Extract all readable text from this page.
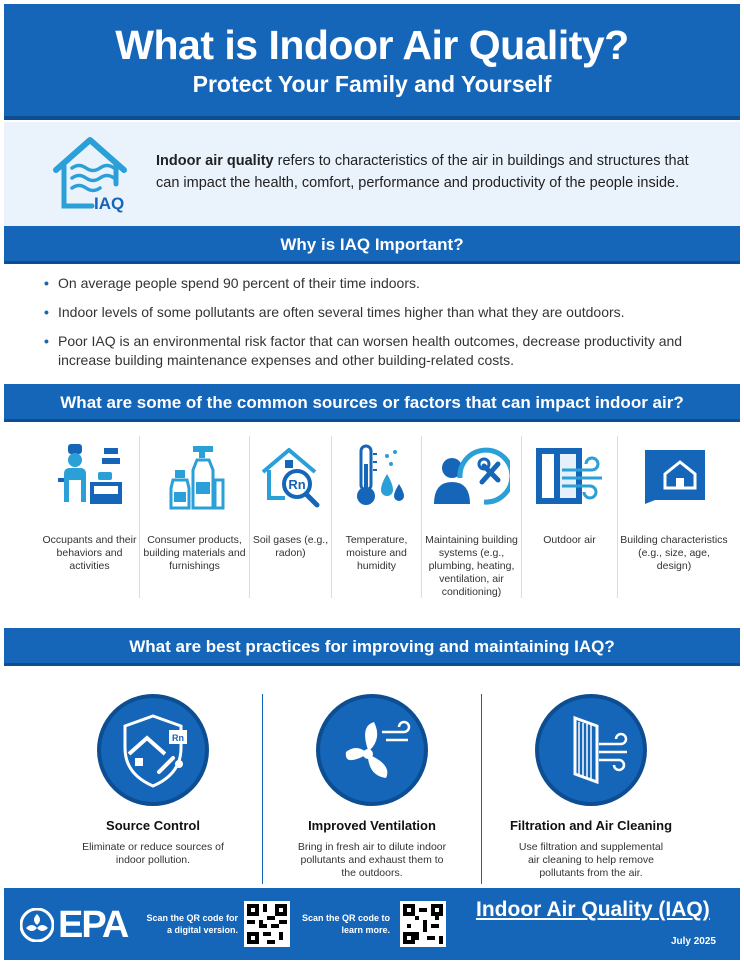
What is Indoor Air Quality?
Protect Your Family and Yourself
IAQ
Indoor air quality refers to characteristics of the air in buildings and structures that can impact the health, comfort, performance and productivity of the people inside.
Why is IAQ Important?
• On average people spend 90 percent of their time indoors.
• Indoor levels of some pollutants are often several times higher than what they are outdoors.
• Poor IAQ is an environmental risk factor that can worsen health outcomes, decrease productivity and increase building maintenance expenses and other building-related costs.
What are some of the common sources or factors that can impact indoor air?
Occupants and their behaviors and activities
Consumer products, building materials and furnishings
Rn
Soil gases (e.g., radon)
Temperature, moisture and humidity
Maintaining building systems (e.g., plumbing, heating, ventilation, air conditioning)
Outdoor air	Building characteristics (e.g., size, age, design)
What are best practices for improving and maintaining IAQ?
Rn
Source Control
Eliminate or reduce sources of indoor pollution.
Improved Ventilation
Bring in fresh air to dilute indoor pollutants and exhaust them to the outdoors.
Filtration and Air Cleaning
Use filtration and supplemental air cleaning to help remove pollutants from the air.
EPA Scan the QR code for a digital version.
Scan the QR code to learn more.
Indoor Air Quality (IAQ)
July 2025
